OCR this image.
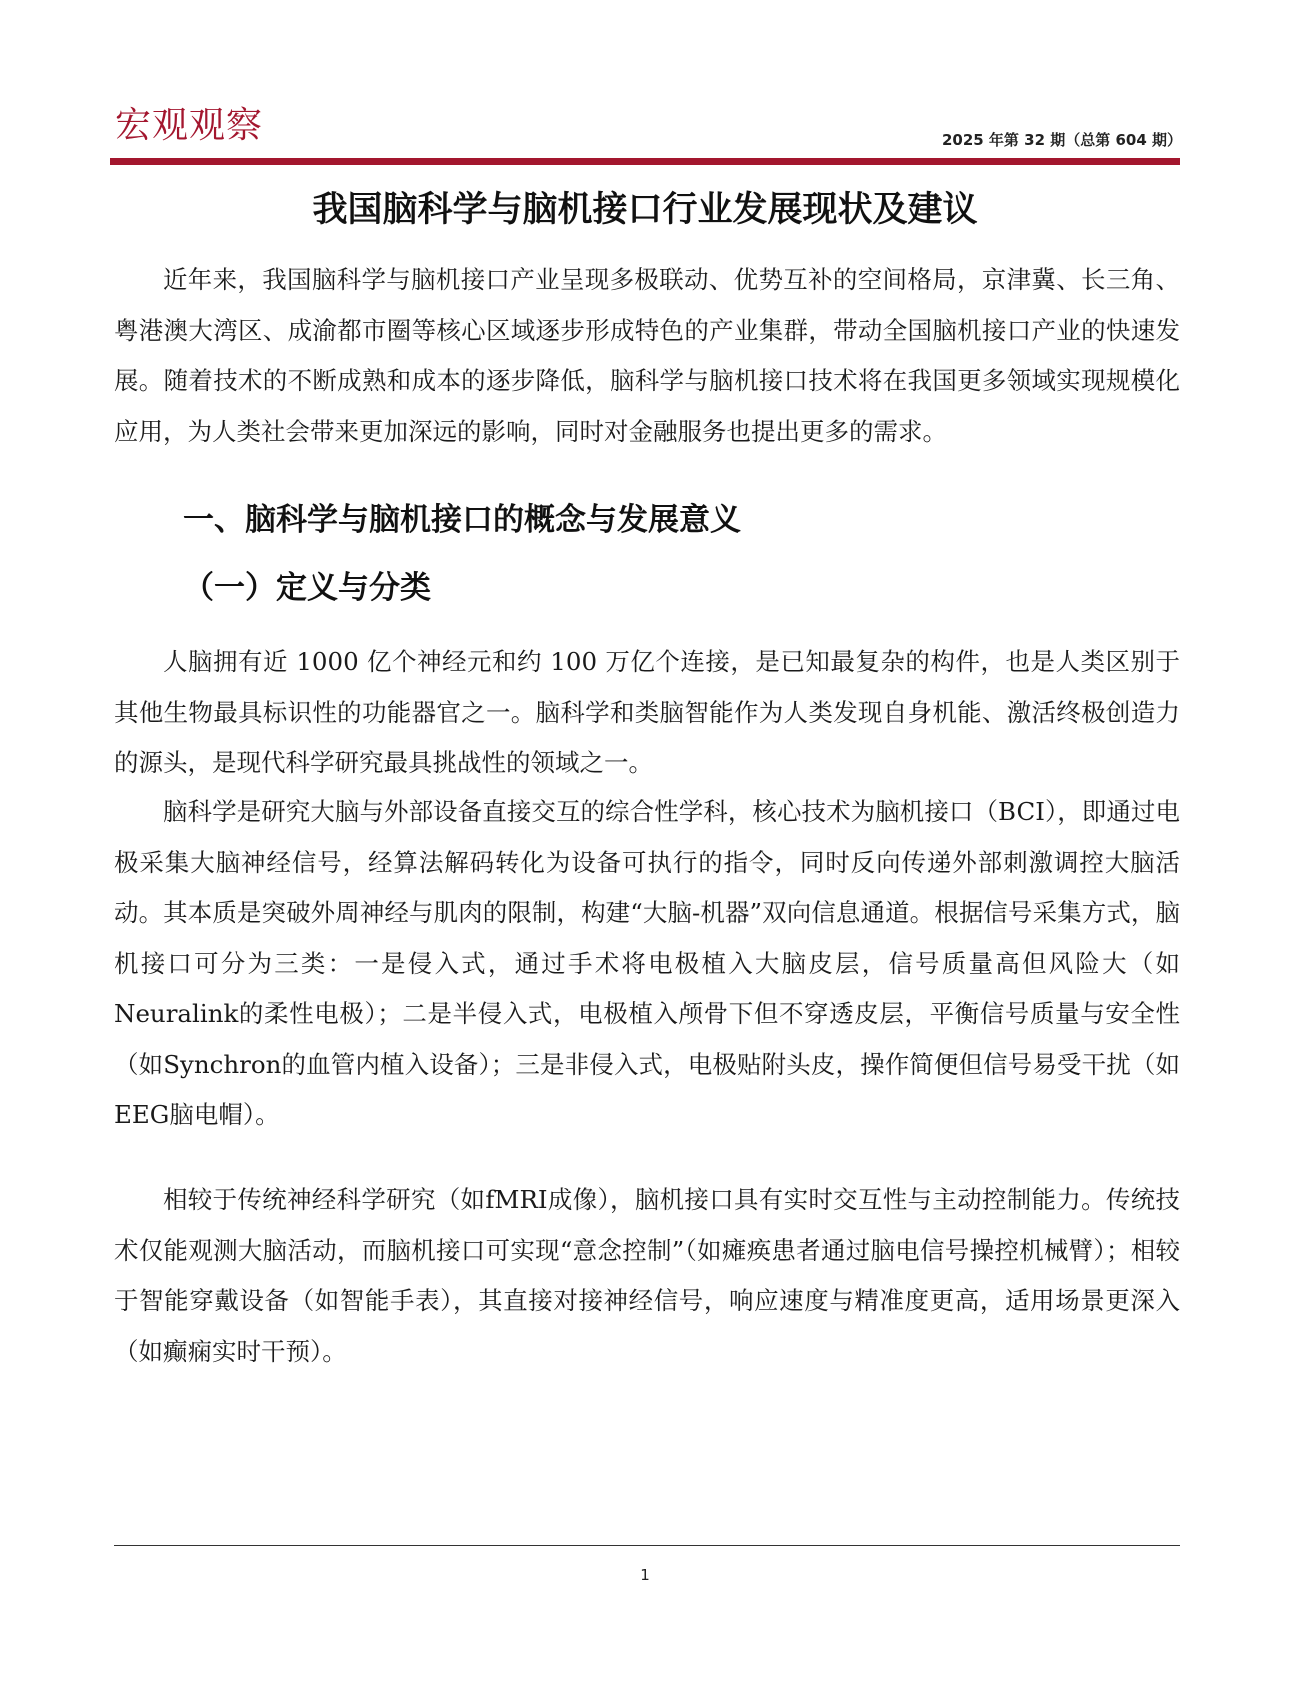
宏观观察	2025 年第 32 期（总第 604 期）
我国脑科学与脑机接口行业发展现状及建议

近年来，我国脑科学与脑机接口产业呈现多极联动、优势互补的空间格局，京津冀、长三角、粤港澳大湾区、成渝都市圈等核心区域逐步形成特色的产业集群，带动全国脑机接口产业的快速发展。随着技术的不断成熟和成本的逐步降低，脑科学与脑机接口技术将在我国更多领域实现规模化应用，为人类社会带来更加深远的影响，同时对金融服务也提出更多的需求。

一、脑科学与脑机接口的概念与发展意义
（一）定义与分类

人脑拥有近 1000 亿个神经元和约 100 万亿个连接，是已知最复杂的构件，也是人类区别于其他生物最具标识性的功能器官之一。脑科学和类脑智能作为人类发现自身机能、激活终极创造力的源头，是现代科学研究最具挑战性的领域之一。

脑科学是研究大脑与外部设备直接交互的综合性学科，核心技术为脑机接口（BCI），即通过电极采集大脑神经信号，经算法解码转化为设备可执行的指令，同时反向传递外部刺激调控大脑活动。其本质是突破外周神经与肌肉的限制，构建“大脑-机器”双向信息通道。根据信号采集方式，脑机接口可分为三类：一是侵入式，通过手术将电极植入大脑皮层，信号质量高但风险大（如Neuralink的柔性电极）；二是半侵入式，电极植入颅骨下但不穿透皮层，平衡信号质量与安全性（如Synchron的血管内植入设备）；三是非侵入式，电极贴附头皮，操作简便但信号易受干扰（如EEG脑电帽）。

相较于传统神经科学研究（如fMRI成像），脑机接口具有实时交互性与主动控制能力。传统技术仅能观测大脑活动，而脑机接口可实现“意念控制”（如瘫痪患者通过脑电信号操控机械臂）；相较于智能穿戴设备（如智能手表），其直接对接神经信号，响应速度与精准度更高，适用场景更深入（如癫痫实时干预）。

1
